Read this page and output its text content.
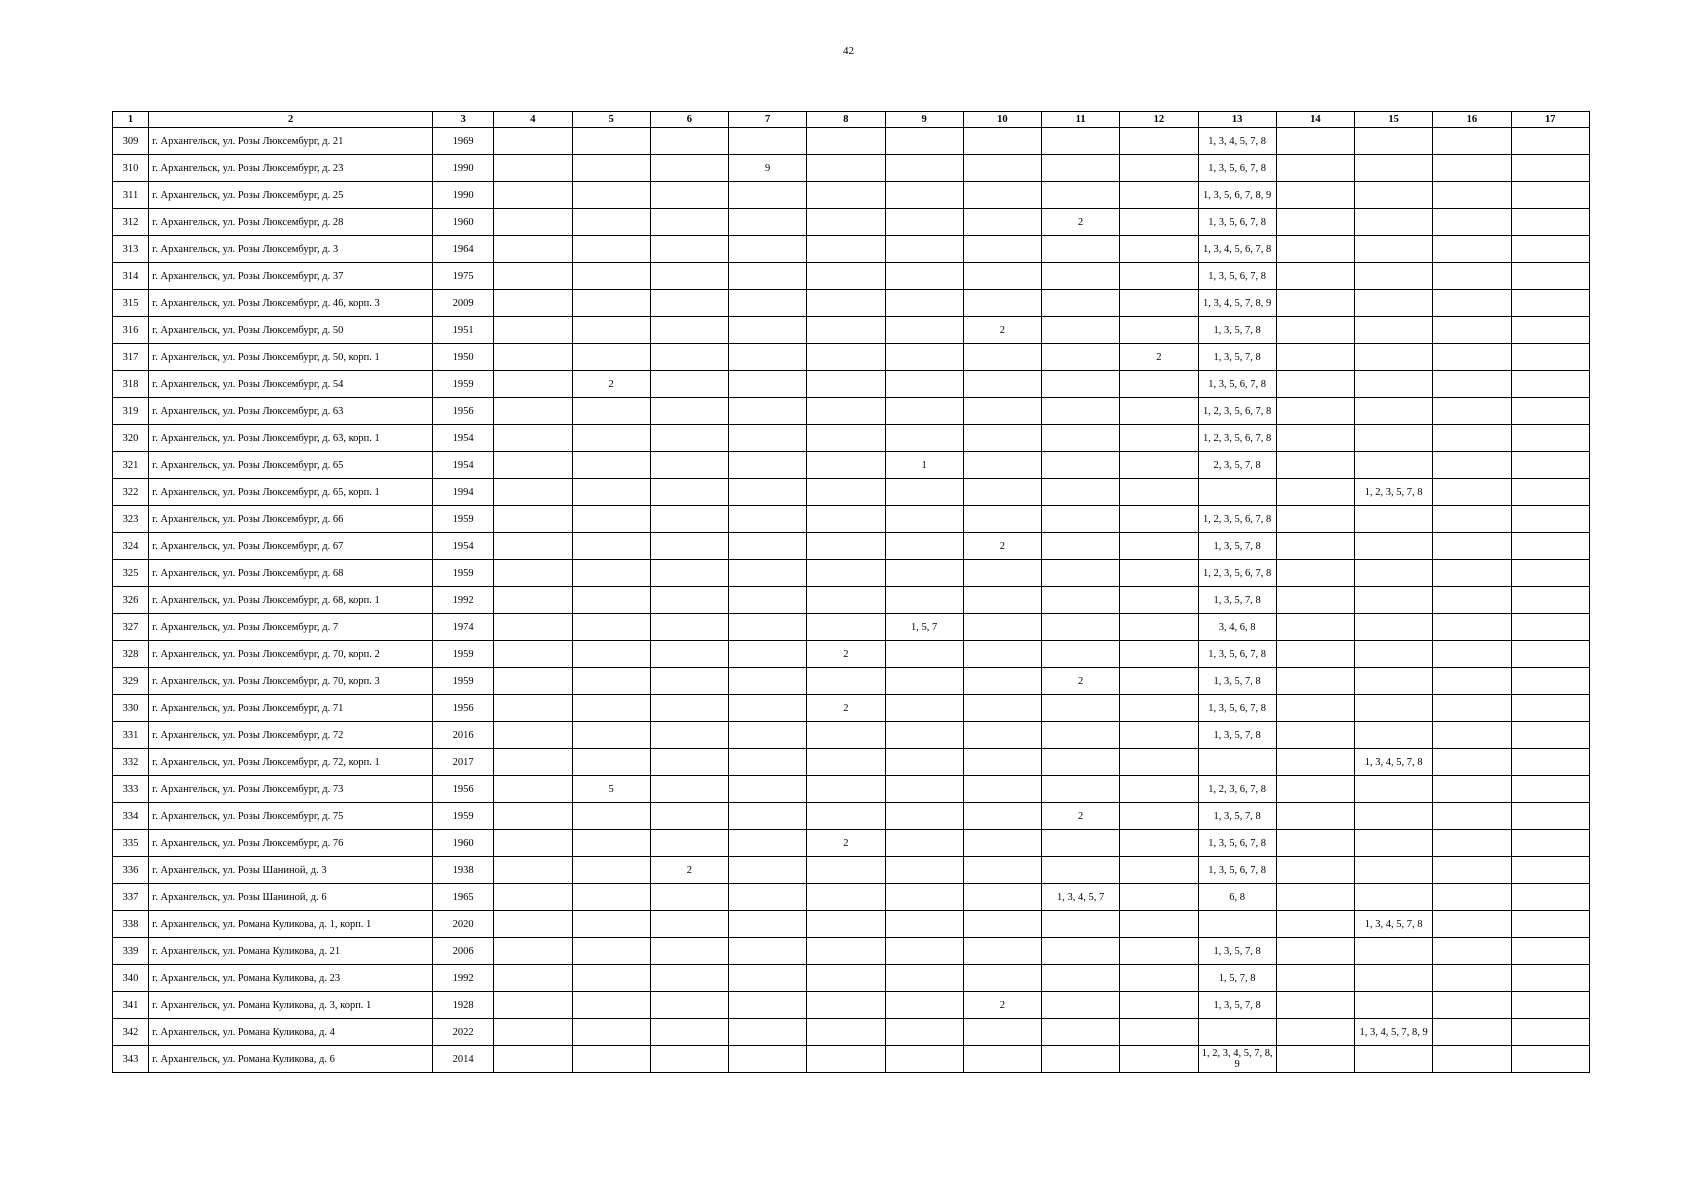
42
1	2	3	4	5	6	7	8	9	10	11	12	13	14	15	16	17
309	г. Архангельск, ул. Розы Люксембург, д. 21	1969										1, 3, 4, 5, 7, 8				
310	г. Архангельск, ул. Розы Люксембург, д. 23	1990				9						1, 3, 5, 6, 7, 8				
311	г. Архангельск, ул. Розы Люксембург, д. 25	1990										1, 3, 5, 6, 7, 8, 9				
312	г. Архангельск, ул. Розы Люксембург, д. 28	1960								2		1, 3, 5, 6, 7, 8				
313	г. Архангельск, ул. Розы Люксембург, д. 3	1964										1, 3, 4, 5, 6, 7, 8				
314	г. Архангельск, ул. Розы Люксембург, д. 37	1975										1, 3, 5, 6, 7, 8				
315	г. Архангельск, ул. Розы Люксембург, д. 46, корп. 3	2009										1, 3, 4, 5, 7, 8, 9				
316	г. Архангельск, ул. Розы Люксембург, д. 50	1951							2			1, 3, 5, 7, 8				
317	г. Архангельск, ул. Розы Люксембург, д. 50, корп. 1	1950									2	1, 3, 5, 7, 8				
318	г. Архангельск, ул. Розы Люксембург, д. 54	1959		2								1, 3, 5, 6, 7, 8				
319	г. Архангельск, ул. Розы Люксембург, д. 63	1956										1, 2, 3, 5, 6, 7, 8				
320	г. Архангельск, ул. Розы Люксембург, д. 63, корп. 1	1954										1, 2, 3, 5, 6, 7, 8				
321	г. Архангельск, ул. Розы Люксембург, д. 65	1954						1				2, 3, 5, 7, 8				
322	г. Архангельск, ул. Розы Люксембург, д. 65, корп. 1	1994												1, 2, 3, 5, 7, 8		
323	г. Архангельск, ул. Розы Люксембург, д. 66	1959										1, 2, 3, 5, 6, 7, 8				
324	г. Архангельск, ул. Розы Люксембург, д. 67	1954							2			1, 3, 5, 7, 8				
325	г. Архангельск, ул. Розы Люксембург, д. 68	1959										1, 2, 3, 5, 6, 7, 8				
326	г. Архангельск, ул. Розы Люксембург, д. 68, корп. 1	1992										1, 3, 5, 7, 8				
327	г. Архангельск, ул. Розы Люксембург, д. 7	1974						1, 5, 7				3, 4, 6, 8				
328	г. Архангельск, ул. Розы Люксембург, д. 70, корп. 2	1959					2					1, 3, 5, 6, 7, 8				
329	г. Архангельск, ул. Розы Люксембург, д. 70, корп. 3	1959								2		1, 3, 5, 7, 8				
330	г. Архангельск, ул. Розы Люксембург, д. 71	1956					2					1, 3, 5, 6, 7, 8				
331	г. Архангельск, ул. Розы Люксембург, д. 72	2016										1, 3, 5, 7, 8				
332	г. Архангельск, ул. Розы Люксембург, д. 72, корп. 1	2017												1, 3, 4, 5, 7, 8		
333	г. Архангельск, ул. Розы Люксембург, д. 73	1956		5								1, 2, 3, 6, 7, 8				
334	г. Архангельск, ул. Розы Люксембург, д. 75	1959								2		1, 3, 5, 7, 8				
335	г. Архангельск, ул. Розы Люксембург, д. 76	1960					2					1, 3, 5, 6, 7, 8				
336	г. Архангельск, ул. Розы Шаниной, д. 3	1938			2							1, 3, 5, 6, 7, 8				
337	г. Архангельск, ул. Розы Шаниной, д. 6	1965								1, 3, 4, 5, 7		6, 8				
338	г. Архангельск, ул. Романа Куликова, д. 1, корп. 1	2020												1, 3, 4, 5, 7, 8		
339	г. Архангельск, ул. Романа Куликова, д. 21	2006										1, 3, 5, 7, 8				
340	г. Архангельск, ул. Романа Куликова, д. 23	1992										1, 5, 7, 8				
341	г. Архангельск, ул. Романа Куликова, д. 3, корп. 1	1928							2			1, 3, 5, 7, 8				
342	г. Архангельск, ул. Романа Куликова, д. 4	2022												1, 3, 4, 5, 7, 8, 9		
343	г. Архангельск, ул. Романа Куликова, д. 6	2014										1, 2, 3, 4, 5, 7, 8, 9				
